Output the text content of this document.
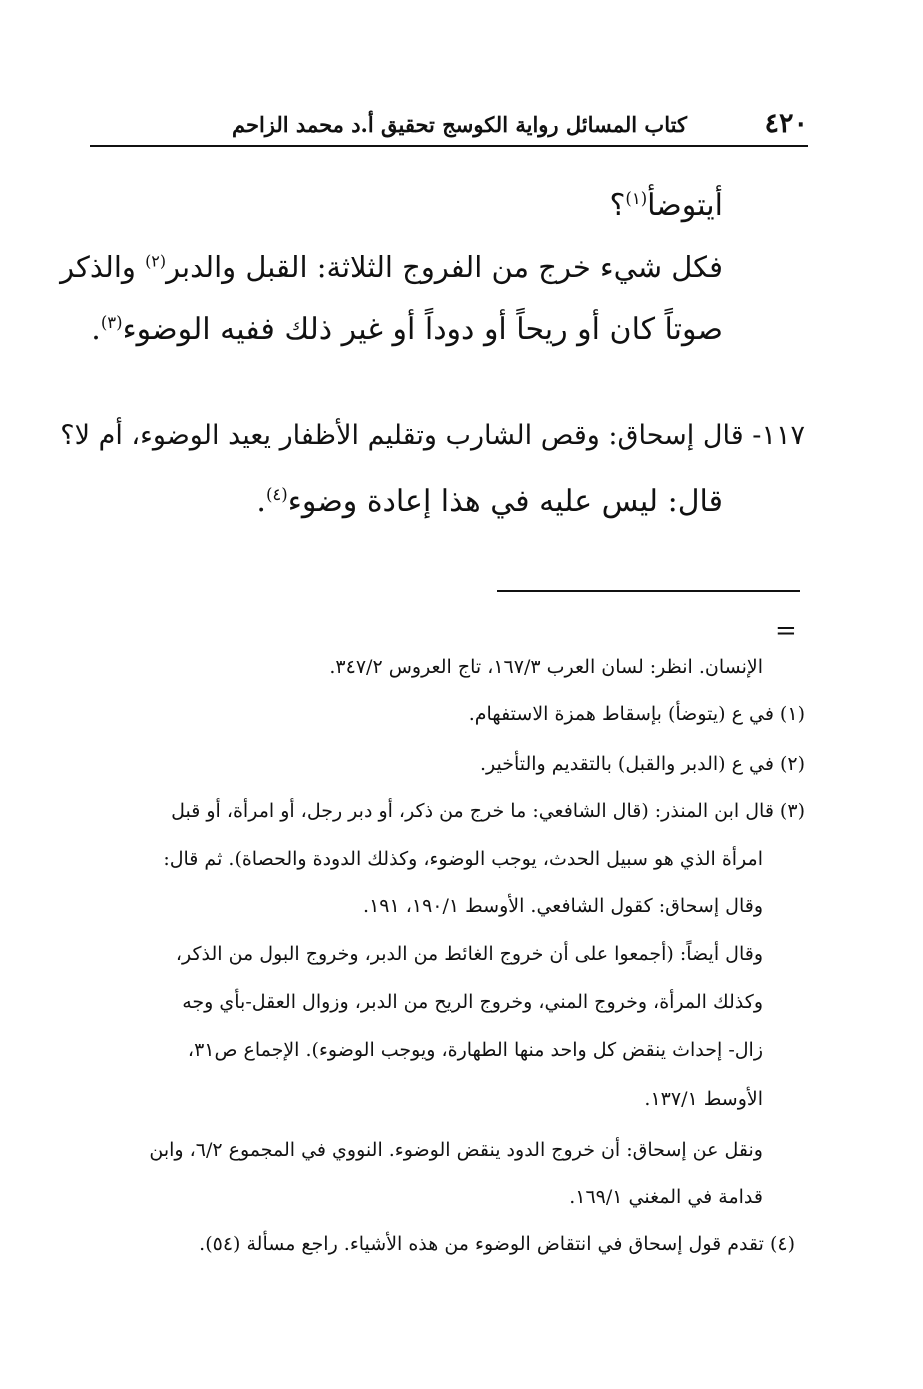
٤٢٠
كتاب المسائل رواية الكوسج تحقيق أ.د محمد الزاحم
أيتوضأ$^{(١)}$؟
فكل شيء خرج من الفروج الثلاثة: القبل والدبر$^{(٢)}$ والذكر
صوتاً كان أو ريحاً أو دوداً أو غير ذلك ففيه الوضوء$^{(٣)}$.
١١٧- قال إسحاق: وقص الشارب وتقليم الأظفار يعيد الوضوء، أم لا؟
قال: ليس عليه في هذا إعادة وضوء$^{(٤)}$.
=
الإنسان. انظر: لسان العرب ١٦٧/٣، تاج العروس ٣٤٧/٢.
(١) في ع (يتوضأ) بإسقاط همزة الاستفهام.
(٢) في ع (الدبر والقبل) بالتقديم والتأخير.
(٣) قال ابن المنذر: (قال الشافعي: ما خرج من ذكر، أو دبر رجل، أو امرأة، أو قبل
امرأة الذي هو سبيل الحدث، يوجب الوضوء، وكذلك الدودة والحصاة). ثم قال:
وقال إسحاق: كقول الشافعي. الأوسط ١٩٠/١، ١٩١.
وقال أيضاً: (أجمعوا على أن خروج الغائط من الدبر، وخروج البول من الذكر،
وكذلك المرأة، وخروج المني، وخروج الريح من الدبر، وزوال العقل-بأي وجه
زال- إحداث ينقض كل واحد منها الطهارة، ويوجب الوضوء). الإجماع ص٣١،
الأوسط ١٣٧/١.
ونقل عن إسحاق: أن خروج الدود ينقض الوضوء. النووي في المجموع ٦/٢، وابن
قدامة في المغني ١٦٩/١.
(٤) تقدم قول إسحاق في انتقاض الوضوء من هذه الأشياء. راجع مسألة (٥٤).
